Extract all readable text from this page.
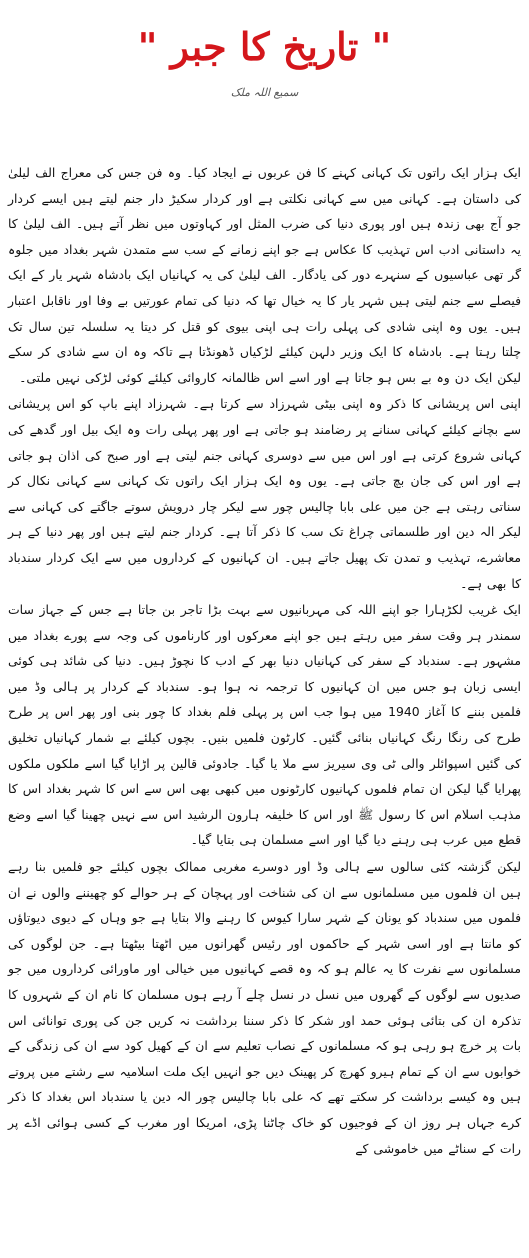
" تاریخ کا جبر "
سمیع اللہ ملک

ایک ہزار ایک راتوں تک کہانی کہنے کا فن عربوں نے ایجاد کیا۔ وہ فن جس کی معراج الف لیلیٰ کی داستان ہے۔ کہانی میں سے کہانی نکلتی ہے اور کردار سکیڑ دار جنم لیتے ہیں ایسے کردار جو آج بھی زندہ ہیں اور پوری دنیا کی ضرب المثل اور کہاوتوں میں نظر آتے ہیں۔ الف لیلیٰ کا یہ داستانی ادب اس تہذیب کا عکاس ہے جو اپنے زمانے کے سب سے متمدن شہر بغداد میں جلوہ گر تھی عباسیوں کے سنہرے دور کی یادگار۔ الف لیلیٰ کی یہ کہانیاں ایک بادشاہ شہر یار کے ایک فیصلے سے جنم لیتی ہیں شہر یار کا یہ خیال تھا کہ دنیا کی تمام عورتیں بے وفا اور ناقابل اعتبار ہیں۔ یوں وہ اپنی شادی کی پہلی رات ہی اپنی بیوی کو قتل کر دیتا یہ سلسلہ تین سال تک چلتا رہتا ہے۔ بادشاہ کا ایک وزیر دلہن کیلئے لڑکیاں ڈھونڈتا ہے تاکہ وہ ان سے شادی کر سکے لیکن ایک دن وہ بے بس ہو جاتا ہے اور اسے اس ظالمانہ کاروائی کیلئے کوئی لڑکی نہیں ملتی۔

اپنی اس پریشانی کا ذکر وہ اپنی بیٹی شہرزاد سے کرتا ہے۔ شہرزاد اپنے باپ کو اس پریشانی سے بچانے کیلئے کہانی سنانے پر رضامند ہو جاتی ہے اور پھر پہلی رات وہ ایک بیل اور گدھے کی کہانی شروع کرتی ہے اور اس میں سے دوسری کہانی جنم لیتی ہے اور صبح کی اذان ہو جاتی ہے اور اس کی جان بچ جاتی ہے۔ یوں وہ ایک ہزار ایک راتوں تک کہانی سے کہانی نکال کر سناتی رہتی ہے جن میں علی بابا چالیس چور سے لیکر چار درویش سوتے جاگتے کی کہانی سے لیکر الہ دین اور طلسماتی چراغ تک سب کا ذکر آتا ہے۔ کردار جنم لیتے ہیں اور پھر دنیا کے ہر معاشرے، تہذیب و تمدن تک پھیل جاتے ہیں۔ ان کہانیوں کے کرداروں میں سے ایک کردار سندباد کا بھی ہے۔

ایک غریب لکڑہارا جو اپنے اللہ کی مہربانیوں سے بہت بڑا تاجر بن جاتا ہے جس کے جہاز سات سمندر ہر وقت سفر میں رہتے ہیں جو اپنے معرکوں اور کارناموں کی وجہ سے پورے بغداد میں مشہور ہے۔ سندباد کے سفر کی کہانیاں دنیا بھر کے ادب کا نچوڑ ہیں۔ دنیا کی شائد ہی کوئی ایسی زبان ہو جس میں ان کہانیوں کا ترجمہ نہ ہوا ہو۔ سندباد کے کردار پر ہالی وڈ میں فلمیں بننے کا آغاز 1940 میں ہوا جب اس پر پہلی فلم بغداد کا چور بنی اور پھر اس پر طرح طرح کی رنگا رنگ کہانیاں بنائی گئیں۔ کارٹون فلمیں بنیں۔ بچوں کیلئے بے شمار کہانیاں تخلیق کی گئیں اسپوائلر والی ٹی وی سیریز سے ملا یا گیا۔ جادوئی قالین پر اڑایا گیا اسے ملکوں ملکوں پھرایا گیا لیکن ان تمام فلموں کہانیوں کارٹونوں میں کبھی بھی اس سے اس کا شہر بغداد اس کا مذہب اسلام اس کا رسول ﷺ اور اس کا خلیفہ ہارون الرشید اس سے نہیں چھینا گیا اسے وضع قطع میں عرب ہی رہنے دیا گیا اور اسے مسلمان ہی بتایا گیا۔

لیکن گزشتہ کئی سالوں سے ہالی وڈ اور دوسرے مغربی ممالک بچوں کیلئے جو فلمیں بنا رہے ہیں ان فلموں میں مسلمانوں سے ان کی شناخت اور پہچان کے ہر حوالے کو چھیننے والوں نے ان فلموں میں سندباد کو یونان کے شہر سارا کیوس کا رہنے والا بتایا ہے جو وہاں کے دیوی دیوتاؤں کو مانتا ہے اور اسی شہر کے حاکموں اور رئیس گھرانوں میں اٹھتا بیٹھتا ہے۔ جن لوگوں کی مسلمانوں سے نفرت کا یہ عالم ہو کہ وہ قصے کہانیوں میں خیالی اور ماورائی کرداروں میں جو صدیوں سے لوگوں کے گھروں میں نسل در نسل چلے آ رہے ہوں مسلمان کا نام ان کے شہروں کا تذکرہ ان کی بتائی ہوئی حمد اور شکر کا ذکر سننا برداشت نہ کریں جن کی پوری توانائی اس بات پر خرچ ہو رہی ہو کہ مسلمانوں کے نصاب تعلیم سے ان کے کھیل کود سے ان کی زندگی کے خوابوں سے ان کے تمام ہیرو کھرچ کر پھینک دیں جو انہیں ایک ملت اسلامیہ سے رشتے میں پروتے ہیں وہ کیسے برداشت کر سکتے تھے کہ علی بابا چالیس چور الہ دین یا سندباد اس بغداد کا ذکر کرے جہاں ہر روز ان کے فوجیوں کو خاک چاٹنا پڑی، امریکا اور مغرب کے کسی ہوائی اڈے پر رات کے سناٹے میں خاموشی کے
